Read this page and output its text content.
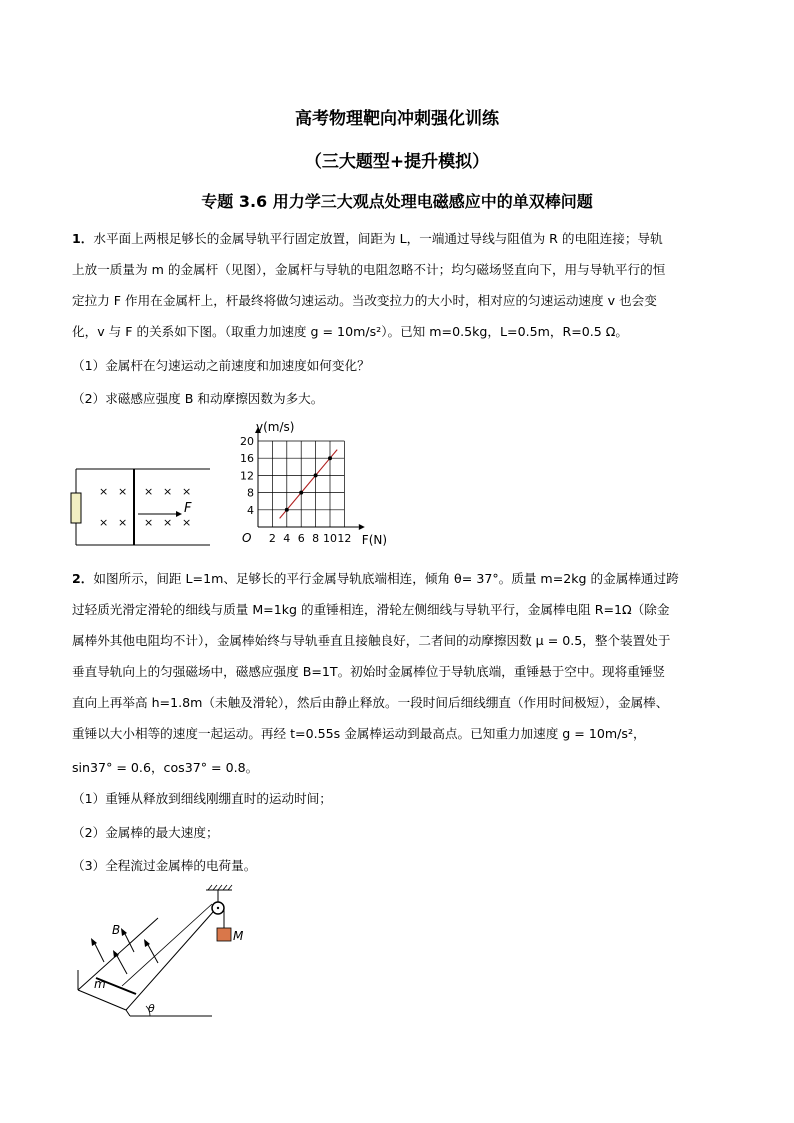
高考物理靶向冲刺强化训练
（三大题型+提升模拟）
专题 3.6 用力学三大观点处理电磁感应中的单双棒问题
1．水平面上两根足够长的金属导轨平行固定放置，间距为 L，一端通过导线与阻值为 R 的电阻连接；导轨
上放一质量为 m 的金属杆（见图），金属杆与导轨的电阻忽略不计；均匀磁场竖直向下，用与导轨平行的恒
定拉力 F 作用在金属杆上，杆最终将做匀速运动。当改变拉力的大小时，相对应的匀速运动速度 v 也会变
化，v 与 F 的关系如下图。（取重力加速度 g = 10m/s²）。已知 m=0.5kg，L=0.5m，R=0.5 Ω。
（1）金属杆在匀速运动之前速度和加速度如何变化？
（2）求磁感应强度 B 和动摩擦因数为多大。
× × × × ×
× × × × ×
F
2 4 6 8 10 12
4
8
12
16
20
O	F(N)
v(m/s)
2．如图所示，间距 L=1m、足够长的平行金属导轨底端相连，倾角 θ= 37°。质量 m=2kg 的金属棒通过跨
过轻质光滑定滑轮的细线与质量 M=1kg 的重锤相连，滑轮左侧细线与导轨平行，金属棒电阻 R=1Ω（除金
属棒外其他电阻均不计），金属棒始终与导轨垂直且接触良好，二者间的动摩擦因数 μ = 0.5，整个装置处于
垂直导轨向上的匀强磁场中，磁感应强度 B=1T。初始时金属棒位于导轨底端，重锤悬于空中。现将重锤竖
直向上再举高 h=1.8m（未触及滑轮），然后由静止释放。一段时间后细线绷直（作用时间极短），金属棒、
重锤以大小相等的速度一起运动。再经 t=0.55s 金属棒运动到最高点。已知重力加速度 g = 10m/s²，
sin37° = 0.6，cos37° = 0.8。
（1）重锤从释放到细线刚绷直时的运动时间；
（2）金属棒的最大速度；
（3）全程流过金属棒的电荷量。
M
θ
m
B
